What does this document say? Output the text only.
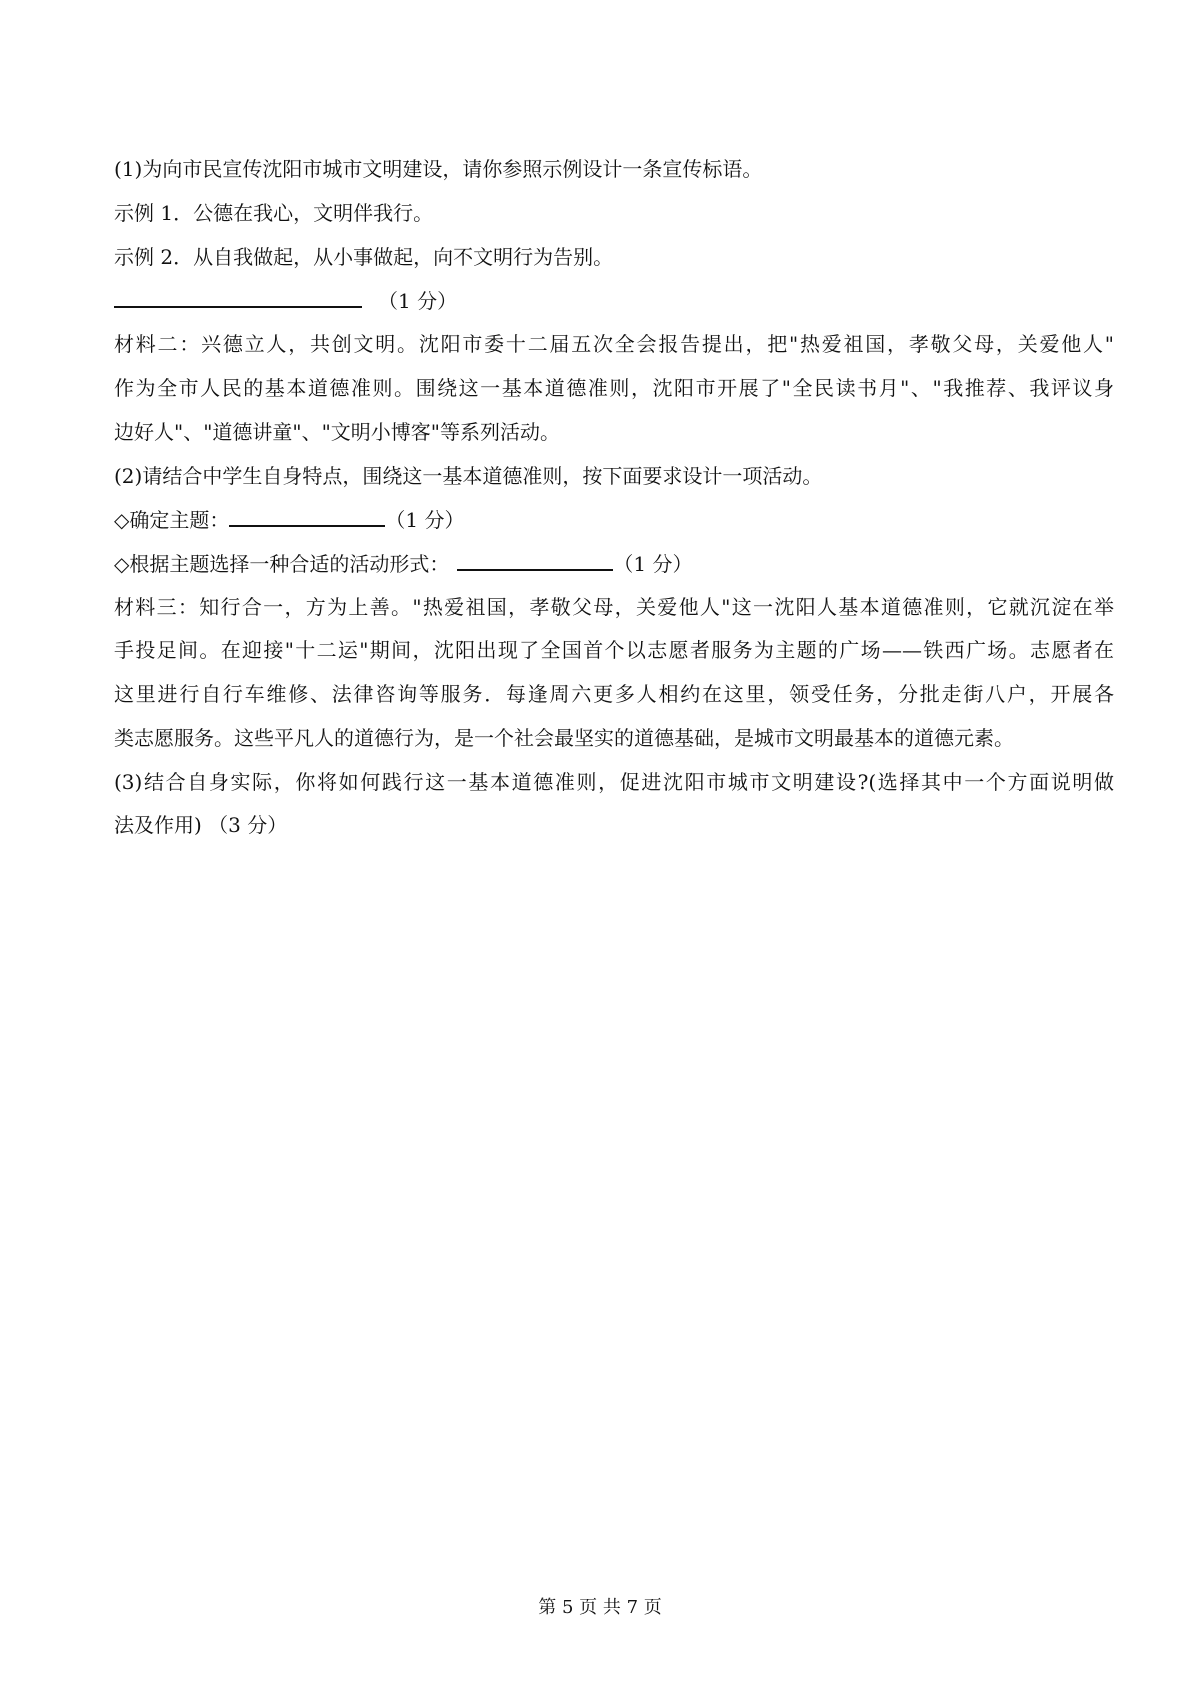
(1)为向市民宣传沈阳市城市文明建设，请你参照示例设计一条宣传标语。
示例 1．公德在我心，文明伴我行。
示例 2．从自我做起，从小事做起，向不文明行为告别。
（1 分）
材料二：兴德立人，共创文明。沈阳市委十二届五次全会报告提出，把"热爱祖国，孝敬父母，关爱他人"
作为全市人民的基本道德准则。围绕这一基本道德准则，沈阳市开展了"全民读书月"、"我推荐、我评议身
边好人"、"道德讲童"、"文明小博客"等系列活动。
(2)请结合中学生自身特点，围绕这一基本道德准则，按下面要求设计一项活动。
◇确定主题：	（1 分）
◇根据主题选择一种合适的活动形式：	（1 分）
材料三：知行合一，方为上善。"热爱祖国，孝敬父母，关爱他人"这一沈阳人基本道德准则，它就沉淀在举
手投足间。在迎接"十二运"期间，沈阳出现了全国首个以志愿者服务为主题的广场——铁西广场。志愿者在
这里进行自行车维修、法律咨询等服务．每逢周六更多人相约在这里，领受任务，分批走街八户，开展各
类志愿服务。这些平凡人的道德行为，是一个社会最坚实的道德基础，是城市文明最基本的道德元素。
(3)结合自身实际，你将如何践行这一基本道德准则，促进沈阳市城市文明建设?(选择其中一个方面说明做
法及作用) （3 分）
第 5 页 共 7 页
